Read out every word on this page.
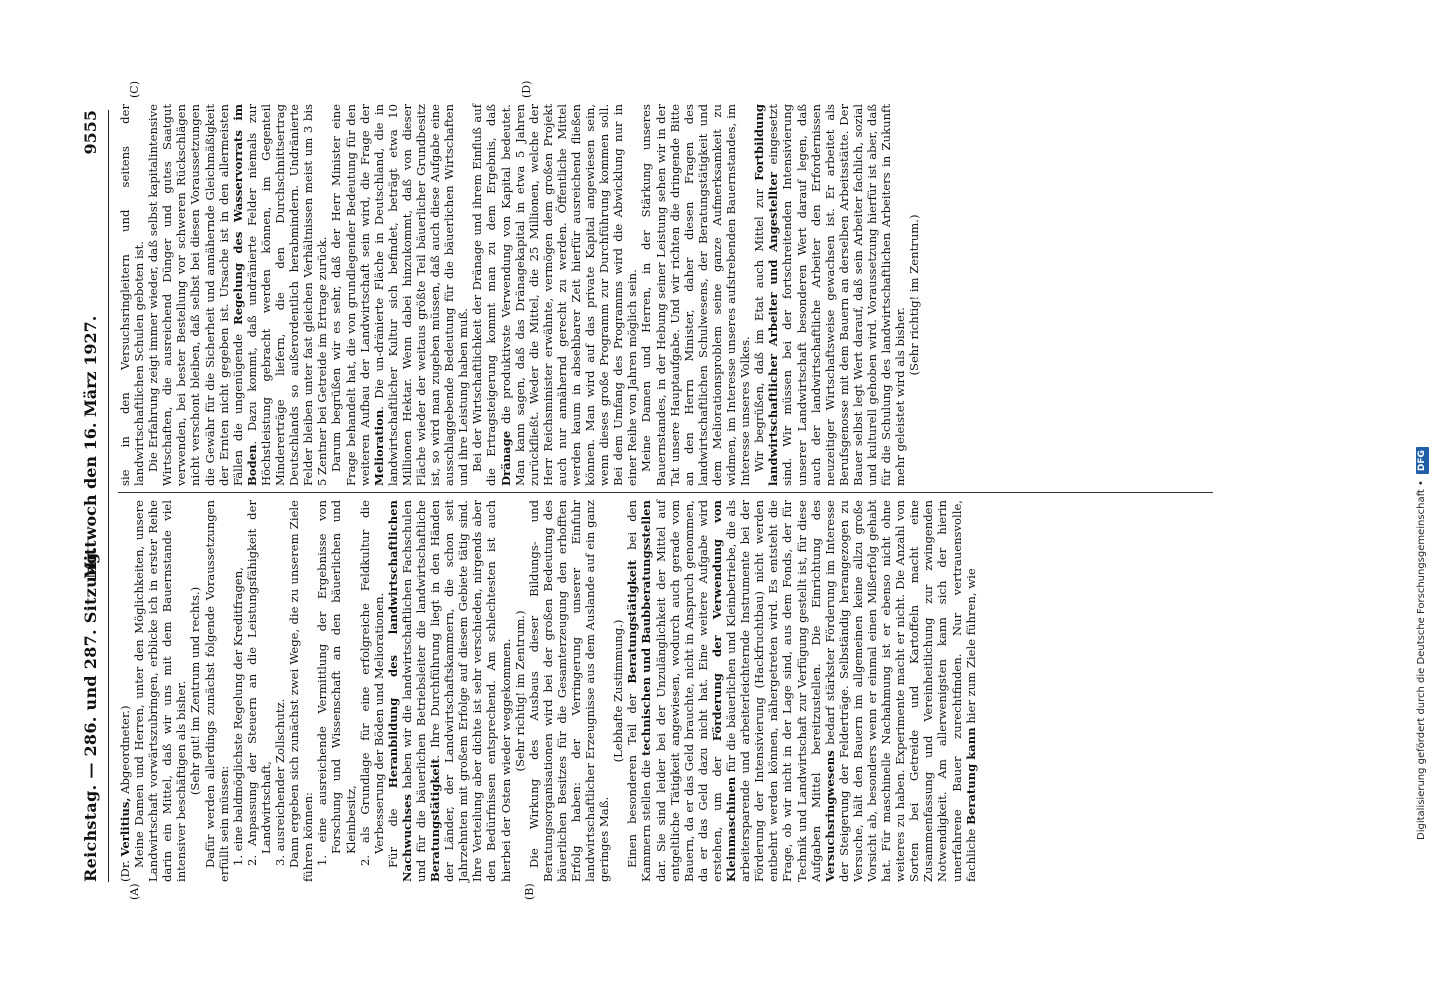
Reichstag. — 286. und 287. Sitzung.
Mittwoch den 16. März 1927.  9555
(A)	(B)
(C)	(D)

(Dr. Verlitius, Abgeordneter.) Meine Damen und Herren, unter den Möglichkeiten, unsere Landwirtschaft vorwärtszubringen, erblicke ich in erster Reihe darin ein Mittel, daß wir uns mit dem Bauernstande viel intensiver beschäftigen als bisher. (Sehr gut! im Zentrum und rechts.) Dafür werden allerdings zunächst folgende Voraussetzungen erfüllt sein müssen: 1. eine baldmöglichste Regelung der Kreditfragen, 2. Anpassung der Steuern an die Leistungsfähigkeit der Landwirtschaft, 3. ausreichender Zollschutz. Dann ergeben sich zunächst zwei Wege, die zu unserem Ziele führen können: 1. eine ausreichende Vermittlung der Ergebnisse von Forschung und Wissenschaft an den bäuerlichen und Kleinbesitz, 2. als Grundlage für eine erfolgreiche Feldkultur die Verbesserung der Böden und Meliorationen. Für die Heranbildung des landwirtschaftlichen Nachwuchses haben wir die landwirtschaftlichen Fachschulen und für die bäuerlichen Betriebsleiter die landwirtschaftliche Beratungstätigkeit. Ihre Durchführung liegt in den Händen der Länder, der Landwirtschaftskammern, die schon seit Jahrzehnten mit großem Erfolge auf diesem Gebiete tätig sind. Ihre Verteilung aber dichte ist sehr verschieden, nirgends aber den Bedürfnissen entsprechend. Am schlechtesten ist auch hierbei der Osten wieder weggekommen. (Sehr richtig! im Zentrum.) Die Wirkung des Ausbaus dieser Bildungs- und Beratungsorganisationen wird bei der großen Bedeutung des bäuerlichen Besitzes für die Gesamterzeugung den erhofften Erfolg haben: der Verringerung unserer Einfuhr landwirtschaftlicher Erzeugnisse aus dem Auslande auf ein ganz geringes Maß.

(Lebhafte Zustimmung.) Einen besonderen Teil der Beratungstätigkeit bei den Kammern stellen die technischen und Baubberatungsstellen dar. Sie sind leider bei der Unzulänglichkeit der Mittel auf entgeltliche Tätigkeit angewiesen, wodurch auch gerade vom Bauern, da er das Geld brauchte, nicht in Anspruch genommen, da er das Geld dazu nicht hat. Eine weitere Aufgabe wird erstehen, um der Förderung der Verwendung von Kleinmaschinen für die bäuerlichen und Kleinbetriebe, die als arbeitersparende und arbeiterleichternde Instrumente bei der Förderung der Intensivierung (Hackfruchtbau) nicht werden entbehrt werden können, nähergetreten wird. Es entsteht die Frage, ob wir nicht in der Lage sind, aus dem Fonds, der für Technik und Landwirtschaft zur Verfügung gestellt ist, für diese Aufgaben Mittel bereitzustellen. Die Einrichtung des Versuchsringwesens bedarf stärkster Förderung im Interesse der Steigerung der Felderträge. Selbständig herangezogen zu Versuche, hält den Bauern im allgemeinen keine allzu große Vorsicht ab, besonders wenn er einmal einen Mißerfolg gehabt hat. Für maschinelle Nachahmung ist er ebenso nicht ohne weiteres zu haben. Experimente macht er nicht. Die Anzahl von Sorten bei Getreide und Kartoffeln macht eine Zusammenfassung und Vereinheitlichung zur zwingenden Notwendigkeit. Am allerwenigsten kann sich der hierin unerfahrene Bauer zurechtfinden. Nur vertrauensvolle, fachliche Beratung kann hier zum Ziele führen, wie

sie in den Versuchsringleitern und seitens der landwirtschaftlichen Schulen geboten ist. Die Erfahrung zeigt immer wieder, daß selbst kapitalintensive Wirtschaften, die ausreichend Dünger und gutes Saatgut verwenden, bei bester Bestellung vor schweren Rückschlägen nicht verschont bleiben, daß selbst bei diesen Voraussetzungen die Gewähr für die Sicherheit und annähernde Gleichmäßigkeit der Ernten nicht gegeben ist. Ursache ist in den allermeisten Fällen die ungenügende Regelung des Wasservorrats im Boden. Dazu kommt, daß undränierte Felder niemals zur Höchstleistung gebracht werden können, im Gegenteil Mindererträge liefern, die den Durchschnittsertrag Deutschlands so außerordentlich herabmindern. Undränierte Felder bleiben unter fast gleichen Verhältnissen meist um 3 bis 5 Zentner bei Getreide im Ertrage zurück. Darum begrüßen wir es sehr, daß der Herr Minister eine Frage behandelt hat, die von grundlegender Bedeutung für den weiteren Aufbau der Landwirtschaft sein wird, die Frage der Melioration. Die un-dränierte Fläche in Deutschland, die in landwirtschaftlicher Kultur sich befindet, beträgt etwa 10 Millionen Hektar. Wenn dabei hinzukommt, daß von dieser Fläche wieder der weitaus größte Teil bäuerlicher Grundbesitz ist, so wird man zugeben müssen, daß auch diese Aufgabe eine ausschlaggebende Bedeutung für die bäuerlichen Wirtschaften und ihre Leistung haben muß. Bei der Wirtschaftlichkeit der Dränage und ihrem Einfluß auf die Ertragsteigerung kommt man zu dem Ergebnis, daß Dränage die produktivste Verwendung von Kapital bedeutet. Man kann sagen, daß das Dränagekapital in etwa 5 Jahren zurückfließt. Weder die Mittel, die 25 Millionen, welche der Herr Reichsminister erwähnte, vermögen dem großen Projekt auch nur annähernd gerecht zu werden. Öffentliche Mittel werden kaum in absehbarer Zeit hierfür ausreichend fließen können. Man wird auf das private Kapital angewiesen sein, wenn dieses große Programm zur Durchführung kommen soll. Bei dem Umfang des Programms wird die Abwicklung nur in einer Reihe von Jahren möglich sein. Meine Damen und Herren, in der Stärkung unseres Bauernstandes, in der Hebung seiner Leistung sehen wir in der Tat unsere Hauptaufgabe. Und wir richten die dringende Bitte an den Herrn Minister, daher diesen Fragen des landwirtschaftlichen Schulwesens, der Beratungstätigkeit und dem Meliorationsproblem seine ganze Aufmerksamkeit zu widmen, im Interesse unseres aufstrebenden Bauernstandes, im Interesse unseres Volkes. Wir begrüßen, daß im Etat auch Mittel zur Fortbildung landwirtschaftlicher Arbeiter und Angestellter eingesetzt sind. Wir müssen bei der fortschreitenden Intensivierung unserer Landwirtschaft besonderen Wert darauf legen, daß auch der landwirtschaftliche Arbeiter den Erfordernissen neuzeitiger Wirtschaftsweise gewachsen ist. Er arbeitet als Berufsgenosse mit dem Bauern an derselben Arbeitsstätte. Der Bauer selbst legt Wert darauf, daß sein Arbeiter fachlich, sozial und kulturell gehoben wird. Voraussetzung hierfür ist aber, daß für die Schulung des landwirtschaftlichen Arbeiters in Zukunft mehr geleistet wird als bisher.

(Sehr richtig! im Zentrum.)

Digitalisierung gefördert durch die Deutsche Forschungsgemeinschaft •
DFG
